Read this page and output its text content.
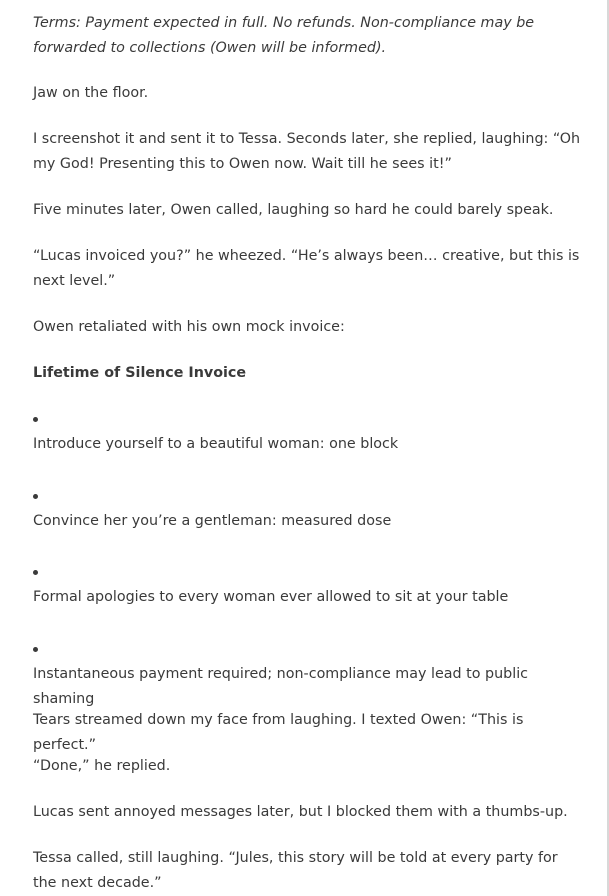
Terms: Payment expected in full. No refunds. Non-compliance may be forwarded to collections (Owen will be informed).

Jaw on the floor.

I screenshot it and sent it to Tessa. Seconds later, she replied, laughing: “Oh my God! Presenting this to Owen now. Wait till he sees it!”

Five minutes later, Owen called, laughing so hard he could barely speak.

“Lucas invoiced you?” he wheezed. “He’s always been… creative, but this is next level.”

Owen retaliated with his own mock invoice:

Lifetime of Silence Invoice

Introduce yourself to a beautiful woman: one block

Convince her you’re a gentleman: measured dose

Formal apologies to every woman ever allowed to sit at your table

Instantaneous payment required; non-compliance may lead to public shaming

Tears streamed down my face from laughing. I texted Owen: “This is perfect.”

“Done,” he replied.

Lucas sent annoyed messages later, but I blocked them with a thumbs-up.

Tessa called, still laughing. “Jules, this story will be told at every party for the next decade.”
